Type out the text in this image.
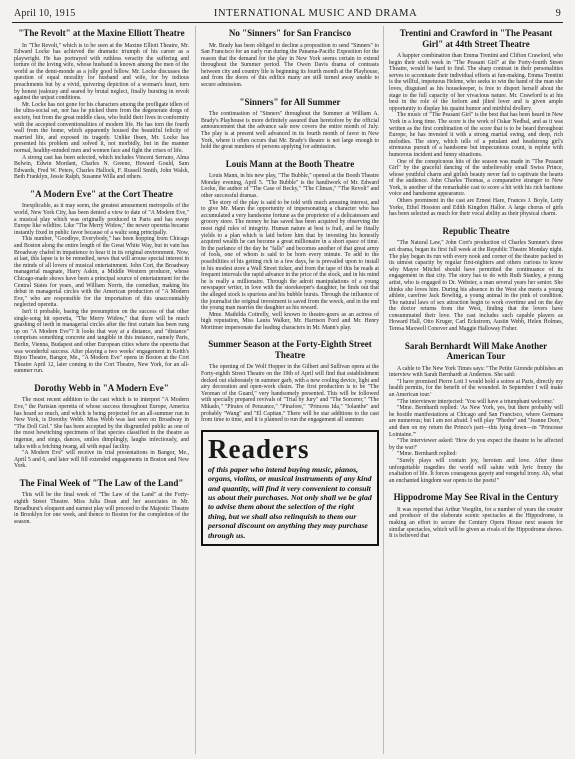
April 10, 1915	INTERNATIONAL MUSIC AND DRAMA	9
"The Revolt" at the Maxine Elliott Theatre

In "The Revolt," which is to be seen at the Maxine Elliott Theatre, Mr. Edward Locke has achieved the dramatic triumph of his career as a playwright. He has portrayed with ruthless veracity the suffering and torture of the loving wife, whose husband is known among the men of the world as the demi-monde as a jolly good fellow. Mr. Locke discusses the question of equal morality for husband and wife, for by tedious preachments but by a vivid, quivering depiction of a woman's heart, torn by honest jealousy and seared by brutal neglect, finally bursting in revolt against the unjust conditions.

Mr. Locke has not gone for his characters among the profligate idlers of the ultra-social set, nor has he picked them from the degenerate dregs of society, but from the great middle class, who build their lives in conformity with the accepted conventionalities of modern life. He has torn the fourth wall from the home, which apparently housed the beautiful felicity of married life, and exposed its tragedy. Unlike Ibsen, Mr. Locke has presented his problem and solved it, not morbidly, but in the manner normal, healthy-minded men and women face and fight the crises of life.

A strong cast has been selected, which includes Vincent Serrano, Alma Belwin, Edwin Mordant, Charles N. Greene, Howard Gould, Sam Edwards, Fred W. Peters, Charles Hallock, F. Russell Smith, John Walsh, Beth Franklyn, Jessie Ralph, Susanne Willa and others.

"A Modern Eve" at the Cort Theatre

Inexplicable, as it may seem, the greatest amusement metropolis of the world, New York City, has been denied a view to date of "A Modern Eve," a musical play which was originally produced in Paris and has swept Europe like wildfire. Like "The Merry Widow," the newer operetta became instantly fixed in public favor because of a waltz song principally.

This number, "Goodbye, Everybody," has been hopping from Chicago and Boston along the entire length of the Great White Way, but in vain has Broadway chafed in impatience to hear it in its original environment. Now, at last, this lapse is to be remedied, news that will arouse special interest in the minds of all lovers of musical entertainment. John Cort, the Broadway managerial magnate, Harry Askin, a Middle Western producer, whose Chicago-made shows have been a principal source of entertainment for the Central States for years, and William Norris, the comedian, making his debut in managerial circles with the American production of "A Modern Eve," who are responsible for the importation of this unaccountably neglected operetta.

Isn't it probable, basing the presumption on the success of that other single-song hit operetta, "The Merry Widow," that there will be much gnashing of teeth in managerial circles after the first curtain has been rung up on "A Modern Eve"? It looks that way at a distance, and "distance" comprises something concrete and tangible in this instance, namely Paris, Berlin, Vienna, Budapest and other European cities where the operetta that was wonderful success. After playing a two weeks' engagement in Keith's Bijou Theatre, Bangor, Me., "A Modern Eve" opens in Boston at the Cort Theatre April 12, later coming to the Cort Theatre, New York, for an all-summer run.

Dorothy Webb in "A Modern Eve"

The most recent addition to the cast which is to interpret "A Modern Eve," the Parisian operetta of whose success throughout Europe, America has heard so much, and which is being projected for an all-summer run in New York, is Dorothy Webb. Miss Webb was last seen on Broadway in "The Doll Girl." She has been accepted by the disgruntled public as one of the most bewitching specimens of that species classified in the theatre as ingenue, and sings, dances, smiles dimplingly, laughs infectiously, and talks with a fetching twang, all with equal facility.

"A Modern Eve" will receive its trial presentations in Bangor, Me., April 5 and 6, and later will fill extended engagements in Boston and New York.

The Final Week of "The Law of the Land"

This will be the final week of "The Law of the Land" at the Forty-eighth Street Theatre. Miss Julia Dean and her associates in Mr. Broadhurst's eloquent and earnest play will proceed to the Majestic Theatre in Brooklyn for one week, and thence to Boston for the completion of the season.

No "Sinners" for San Francisco

Mr. Brady has been obliged to decline a proposition to send "Sinners" to San Francisco for an early run during the Panama-Pacific Exposition for the reason that the demand for the play in New York seems certain to extend throughout the Summer period. The Owen Davis drama of contrasts between city and country life is beginning its fourth month at the Playhouse, and from the doors of this edifice many are still turned away unable to secure admission.

"Sinners" for All Summer

The continuation of "Sinners" throughout the Summer at William A. Brady's Playhouse is more definitely assured than heretofore by the official announcement that the advance sale now covers the entire month of July. The play is at present well advanced in its fourth month of favor in New York, where it often occurs that Mr. Brady's theatre is not large enough to hold the great numbers of persons applying for admission.

Louis Mann at the Booth Theatre

Louis Mann, in his new play, "The Bubble," opened at the Booth Theatre Monday evening, April 5. "The Bubble" is the handiwork of Mr. Edward Locke, the author of "The Case of Becky," "The Climax," "The Revolt" and other successful dramas.

The story of the play is said to be told with much amusing interest, and to give Mr. Mann the opportunity of impersonating a character who has accumulated a very handsome fortune as the proprietor of a delicatessen and grocery store. The money he has saved has been acquired by observing the most rigid rules of integrity. Human nature at best is frail, and he finally yields to a plan which is laid before him that by investing his honestly acquired wealth he can become a great millionaire in a short space of time. In the parlance of the day he "falls" and becomes another of that great army of fools, one of whom is said to be born every minute. To add to the possibilities of his getting rich in a few days, he is prevailed upon to install in his modest store a Wall Street ticker, and from the tape of this he reads at frequent intervals the rapid advance in the price of the stock, and in his mind he is really a millionaire. Through the adroit manipulations of a young newspaper writer, in love with the storekeeper's daughter, he finds out that the alleged stock is spurious and his bubble bursts. Through the influence of the journalist the original investment is saved from the wreck, and in the end the young man marries the daughter as his reward.

Mme. Mathilda Cottrelly, well known to theatre-goers as an actress of high reputation, Miss Laura Walker, Mr. Harrison Ford and Mr. Henry Mortimer impersonate the leading characters in Mr. Mann's play.

Summer Season at the Forty-Eighth Street Theatre

The opening of De Wolf Hopper in the Gilbert and Sullivan opera at the Forty-eighth Street Theatre on the 19th of April will find that establishment decked out elaborately in summer garb, with a new cooling device, light and airy decoration and open-work chairs. The first production is to be "The Yeoman of the Guard," very handsomely presented. This will be followed with specially prepared revivals of "Trial by Jury" and "The Sorcerer," "The Mikado," "Pirates of Penzance," "Pinafore," "Princess Ida," "Iolanthe" and probably "Wang" and "El Capitan." There will be star additions to the cast from time to time, and it is planned to run the engagement all summer.

Readers
of this paper who intend buying music, pianos, organs, violins, or musical instruments of any kind and quantity, will find it very convenient to consult us about their purchases. Not only shall we be glad to advise them about the selection of the right thing, but we shall also relinquish to them our personal discount on anything they may purchase through us.
Trentini and Crawford in "The Peasant Girl" at 44th Street Theatre

A happier combination than Emma Trentini and Clifton Crawford, who begin their sixth week in "The Peasant Girl" at the Forty-fourth Street Theatre, would be hard to find. The sharp contrast in their personalities serves to accentuate their individual efforts at fun-making. Emma Trentini is the willful, impetuous Helene, who seeks to win the hand of the man she loves, disguised as his housekeeper, is free to disport herself about the stage to the full capacity of her vivacious nature. Mr. Crawford is at his best in the role of the forlorn and jilted lover and is given ample opportunity to display his quaint humor and mirthful drollery.

The music of "The Peasant Girl" is the best that has been heard in New York in a long time. The score is the work of Oskar Nedbal, and as it was written as the first combination of the score that is to be heard throughout Europe, he has invested it with a strong martial swing, and deep, rich melodies. The story, which tells of a petulant and headstrong girl's strenuous pursuit of a handsome but impecunious count, is replete with humorous incident and funny situations.

One of the conspicuous hits of the season was made in "The Peasant Girl" by the graceful dancing of the unbelievably small Swiss Prince, whose youthful charm and girlish beauty never fail to captivate the hearts of the audience. John Charles Thomas, a comparative stranger to New York, is another of the remarkable cast to score a hit with his rich baritone voice and handsome appearance.

Others prominent in the cast are Ernest Hare, Frances J. Boyle, Letty Yorke, Ethel Hosston and Edith Kingdon Hallor. A large chorus of girls has been selected as much for their vocal ability as their physical charm.

Republic Theatre

"The Natural Law," John Cort's production of Charles Sumner's three act drama, began its first full week at the Republic Theatre Monday night. The play began its run with every nook and corner of the theatre packed to its utmost capacity by regular first-nighters and others curious to know why Mayor Mitchel should have permitted the continuance of its engagement in that city. The story has to do with Ruth Stanley, a young artist, who is engaged to Dr. Webster, a man several years her senior. She thinks she loves him. During his absence in the West she meets a young athlete, carefree Jack Bowling, a young animal in the pink of condition. The natural laws of sex attraction begin to work overtime and on the day the doctor returns from the West, finding that the lovers have consummated their love. The cast includes such capable players as Howard Hall, Otto Kruger, Carl Eckstrom, Austin Webb, Helen Holmes, Teresa Maxwell Conover and Maggie Halloway Fisher.

Sarah Bernhardt Will Make Another American Tour

A cable to The New York Times says: "The Petite Gironde publishes an interview with Sarah Bernhardt at Andernos. She said:

"I have promised Pierre Loti I would hold a soiree at Paris, directly my health permits, for the benefit of the wounded. In September I will make an American tour.'

"The interviewer interjected: 'You will have a triumphant welcome.'

"Mme. Bernhardt replied: 'As New York, yes, but there probably will be hostile manifestations at Chicago and San Francisco, where Germans are numerous; but I am not afraid. I will play "Phedre" and "Jeanne Dore," and then on my return the Prince's part—this lying down—in "Princesse Lointaine."'

"The interviewer asked: 'How do you expect the theatre to be affected by the war?'

"Mme. Bernhardt replied:

"Surely plays will contain joy, heroism and love. After these unforgettable tragedies the world will salute with lyric frenzy the exaltation of life. It forces courageous gayety and vengeful irony. Ah, what an enchanted kingdom war opens to the poets!"

Hippodrome May See Rival in the Century

It was reported that Arthur Voegtlin, for a number of years the creator and producer of the elaborate scenic spectacles at the Hippodrome, is making an effort to secure the Century Opera House next season for similar spectacles, which will be given as rivals of the Hippodrome shows. It is believed that
